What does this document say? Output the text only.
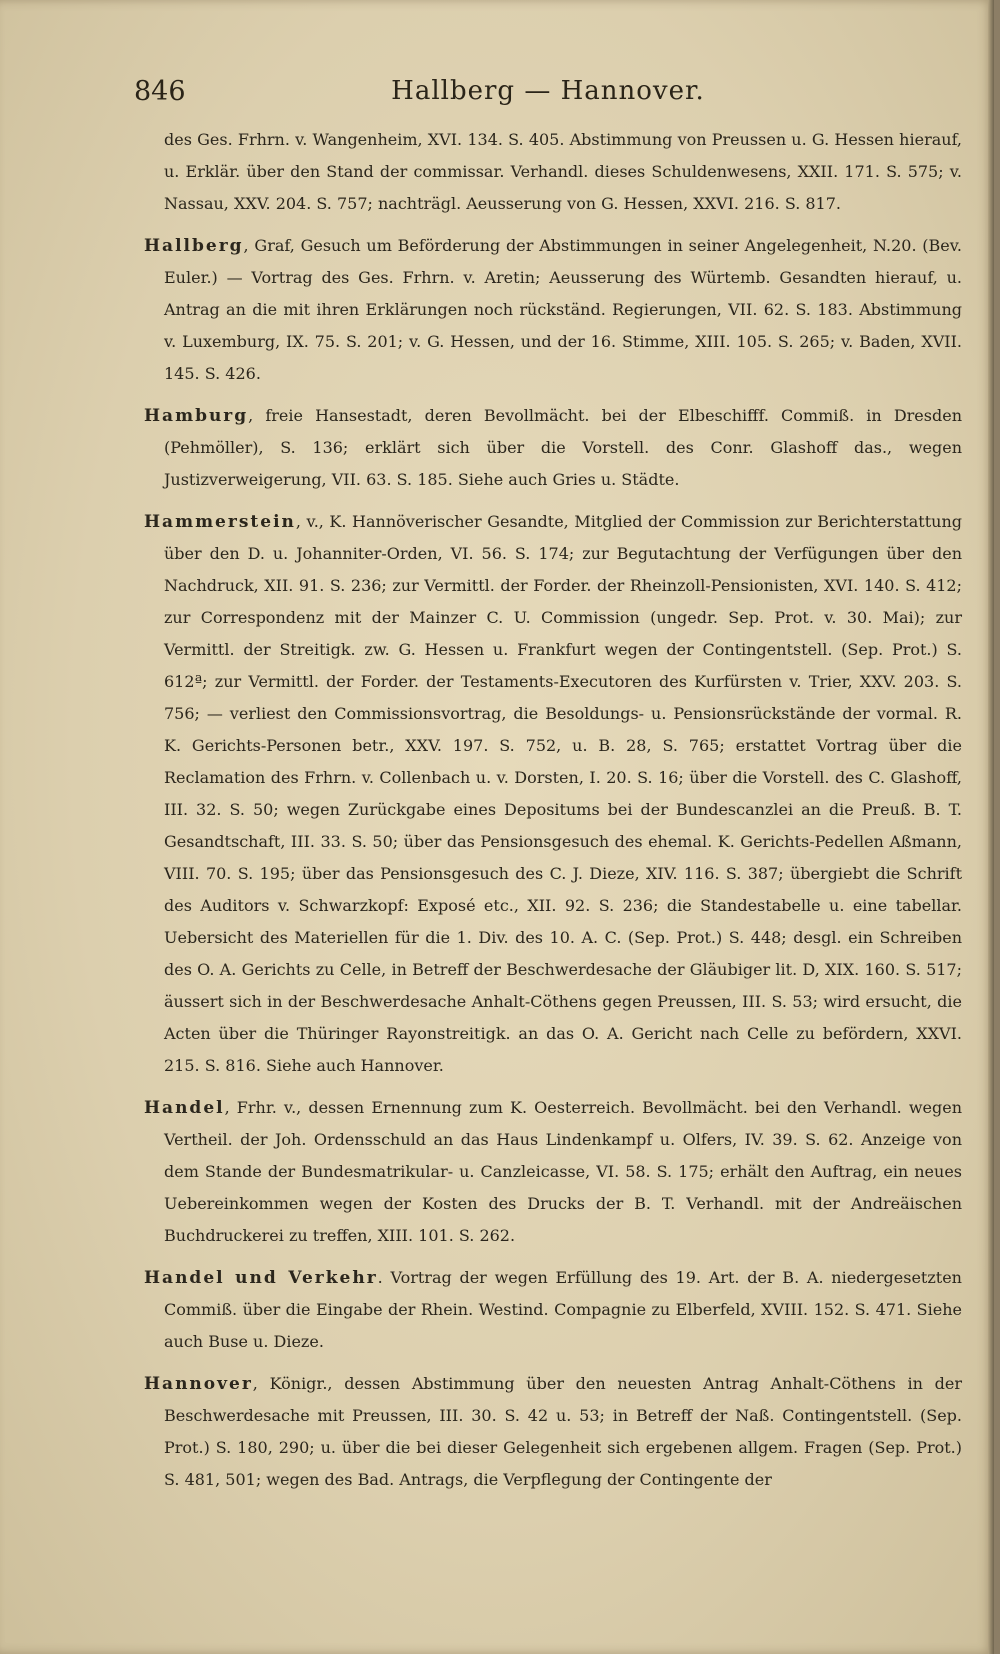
846	Hallberg — Hannover.

des Ges. Frhrn. v. Wangenheim, XVI. 134. S. 405. Abstimmung von Preussen u. G. Hessen hierauf, u. Erklär. über den Stand der commissar. Verhandl. dieses Schuldenwesens, XXII. 171. S. 575; v. Nassau, XXV. 204. S. 757; nachträgl. Aeusserung von G. Hessen, XXVI. 216. S. 817.

Hallberg, Graf, Gesuch um Beförderung der Abstimmungen in seiner Angelegenheit, N.20. (Bev. Euler.) — Vortrag des Ges. Frhrn. v. Aretin; Aeusserung des Würtemb. Gesandten hierauf, u. Antrag an die mit ihren Erklärungen noch rückständ. Regierungen, VII. 62. S. 183. Abstimmung v. Luxemburg, IX. 75. S. 201; v. G. Hessen, und der 16. Stimme, XIII. 105. S. 265; v. Baden, XVII. 145. S. 426.

Hamburg, freie Hansestadt, deren Bevollmächt. bei der Elbeschifff. Commiß. in Dresden (Pehmöller), S. 136; erklärt sich über die Vorstell. des Conr. Glashoff das., wegen Justizverweigerung, VII. 63. S. 185. Siehe auch Gries u. Städte.

Hammerstein, v., K. Hannöverischer Gesandte, Mitglied der Commission zur Berichterstattung über den D. u. Johanniter-Orden, VI. 56. S. 174; zur Begutachtung der Verfügungen über den Nachdruck, XII. 91. S. 236; zur Vermittl. der Forder. der Rheinzoll-Pensionisten, XVI. 140. S. 412; zur Correspondenz mit der Mainzer C. U. Commission (ungedr. Sep. Prot. v. 30. Mai); zur Vermittl. der Streitigk. zw. G. Hessen u. Frankfurt wegen der Contingentstell. (Sep. Prot.) S. 612ª; zur Vermittl. der Forder. der Testaments-Executoren des Kurfürsten v. Trier, XXV. 203. S. 756; — verliest den Commissionsvortrag, die Besoldungs- u. Pensionsrückstände der vormal. R. K. Gerichts-Personen betr., XXV. 197. S. 752, u. B. 28, S. 765; erstattet Vortrag über die Reclamation des Frhrn. v. Collenbach u. v. Dorsten, I. 20. S. 16; über die Vorstell. des C. Glashoff, III. 32. S. 50; wegen Zurückgabe eines Depositums bei der Bundescanzlei an die Preuß. B. T. Gesandtschaft, III. 33. S. 50; über das Pensionsgesuch des ehemal. K. Gerichts-Pedellen Aßmann, VIII. 70. S. 195; über das Pensionsgesuch des C. J. Dieze, XIV. 116. S. 387; übergiebt die Schrift des Auditors v. Schwarzkopf: Exposé etc., XII. 92. S. 236; die Standestabelle u. eine tabellar. Uebersicht des Materiellen für die 1. Div. des 10. A. C. (Sep. Prot.) S. 448; desgl. ein Schreiben des O. A. Gerichts zu Celle, in Betreff der Beschwerdesache der Gläubiger lit. D, XIX. 160. S. 517; äussert sich in der Beschwerdesache Anhalt-Cöthens gegen Preussen, III. S. 53; wird ersucht, die Acten über die Thüringer Rayonstreitigk. an das O. A. Gericht nach Celle zu befördern, XXVI. 215. S. 816. Siehe auch Hannover.

Handel, Frhr. v., dessen Ernennung zum K. Oesterreich. Bevollmächt. bei den Verhandl. wegen Vertheil. der Joh. Ordensschuld an das Haus Lindenkampf u. Olfers, IV. 39. S. 62. Anzeige von dem Stande der Bundesmatrikular- u. Canzleicasse, VI. 58. S. 175; erhält den Auftrag, ein neues Uebereinkommen wegen der Kosten des Drucks der B. T. Verhandl. mit der Andreäischen Buchdruckerei zu treffen, XIII. 101. S. 262.

Handel und Verkehr. Vortrag der wegen Erfüllung des 19. Art. der B. A. niedergesetzten Commiß. über die Eingabe der Rhein. Westind. Compagnie zu Elberfeld, XVIII. 152. S. 471. Siehe auch Buse u. Dieze.

Hannover, Königr., dessen Abstimmung über den neuesten Antrag Anhalt-Cöthens in der Beschwerdesache mit Preussen, III. 30. S. 42 u. 53; in Betreff der Naß. Contingentstell. (Sep. Prot.) S. 180, 290; u. über die bei dieser Gelegenheit sich ergebenen allgem. Fragen (Sep. Prot.) S. 481, 501; wegen des Bad. Antrags, die Verpflegung der Contingente der
